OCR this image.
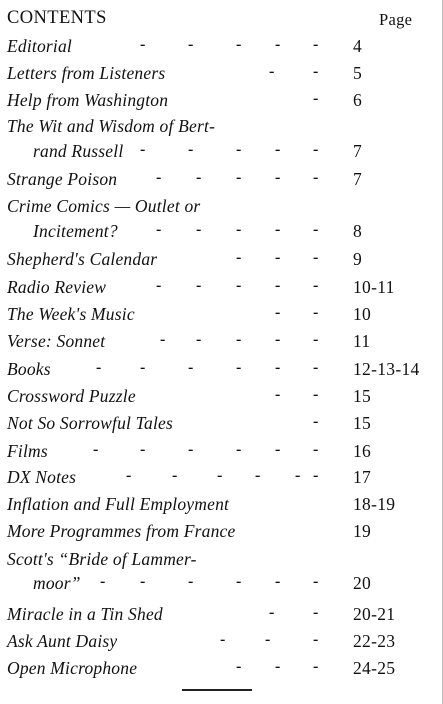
CONTENTS	Page
Editorial	-	-	- - - 4
Letters from Listeners	- - 5
Help from Washington	- 6
The Wit and Wisdom of Bert-
rand Russell -	-	- - - 7
Strange Poison - - - - - 7
Crime Comics — Outlet or
Incitement? - - - - - 8
Shepherd's Calendar	- - - 9
Radio Review	- - - - - 10-11
The Week's Music	- - 10
Verse: Sonnet	- - - - - 11
Books	- -	-	- - - 12-13-14
Crossword Puzzle	- - 15
Not So Sorrowful Tales	- 15
Films	-	-	-	- - - 16
DX Notes	-	- - - - - 17
Inflation and Full Employment	18-19
More Programmes from France	19
Scott's “Bride of Lammer-
moor” - -	-	- - - 20
Miracle in a Tin Shed	- - 20-21
Ask Aunt Daisy	- -	- 22-23
Open Microphone	- - - 24-25
